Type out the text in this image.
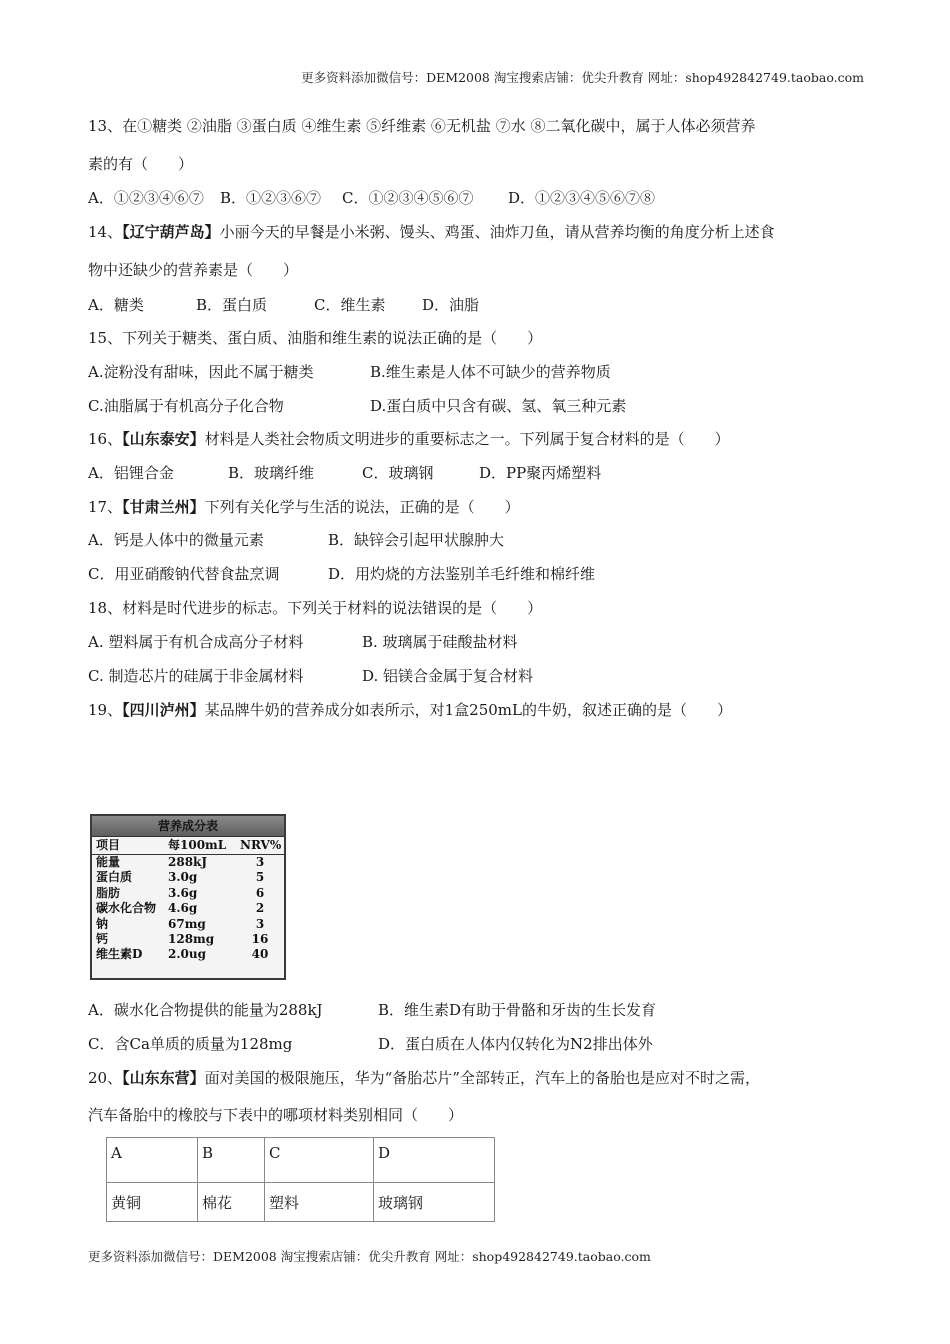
更多资料添加微信号：DEM2008 淘宝搜索店铺：优尖升教育 网址：shop492842749.taobao.com
13、在①糖类 ②油脂 ③蛋白质 ④维生素 ⑤纤维素 ⑥无机盐 ⑦水 ⑧二氧化碳中，属于人体必须营养
素的有（　　）
A．①②③④⑥⑦	B．①②③⑥⑦	C．①②③④⑤⑥⑦	D．①②③④⑤⑥⑦⑧
14、【辽宁葫芦岛】小丽今天的早餐是小米粥、馒头、鸡蛋、油炸刀鱼，请从营养均衡的角度分析上述食
物中还缺少的营养素是（　　）
A．糖类	B．蛋白质	C．维生素	D．油脂
15、下列关于糖类、蛋白质、油脂和维生素的说法正确的是（　　）
A.淀粉没有甜味，因此不属于糖类	B.维生素是人体不可缺少的营养物质
C.油脂属于有机高分子化合物	D.蛋白质中只含有碳、氢、氧三种元素
16、【山东泰安】材料是人类社会物质文明进步的重要标志之一。下列属于复合材料的是（　　）
A．铝锂合金	B．玻璃纤维	C．玻璃钢	D．PP聚丙烯塑料
17、【甘肃兰州】下列有关化学与生活的说法，正确的是（　　）
A．钙是人体中的微量元素	B．缺锌会引起甲状腺肿大
C．用亚硝酸钠代替食盐烹调	D．用灼烧的方法鉴别羊毛纤维和棉纤维
18、材料是时代进步的标志。下列关于材料的说法错误的是（　　）
A. 塑料属于有机合成高分子材料	B. 玻璃属于硅酸盐材料
C. 制造芯片的硅属于非金属材料	D. 铝镁合金属于复合材料
19、【四川泸州】某品牌牛奶的营养成分如表所示，对1盒250mL的牛奶，叙述正确的是（　　）
营养成分表
项目	每100mL	NRV%
能量	288kJ	3
蛋白质	3.0g	5
脂肪	3.6g	6
碳水化合物 4.6g	2
钠	67mg	3
钙	128mg	16
维生素D	2.0ug	40
A．碳水化合物提供的能量为288kJ	B．维生素D有助于骨骼和牙齿的生长发育
C．含Ca单质的质量为128mg	D．蛋白质在人体内仅转化为N2排出体外
20、【山东东营】面对美国的极限施压，华为“备胎芯片”全部转正，汽车上的备胎也是应对不时之需，
汽车备胎中的橡胶与下表中的哪项材料类别相同（　　）
A	B	C	D
黄铜	棉花	塑料	玻璃钢
更多资料添加微信号：DEM2008 淘宝搜索店铺：优尖升教育 网址：shop492842749.taobao.com
